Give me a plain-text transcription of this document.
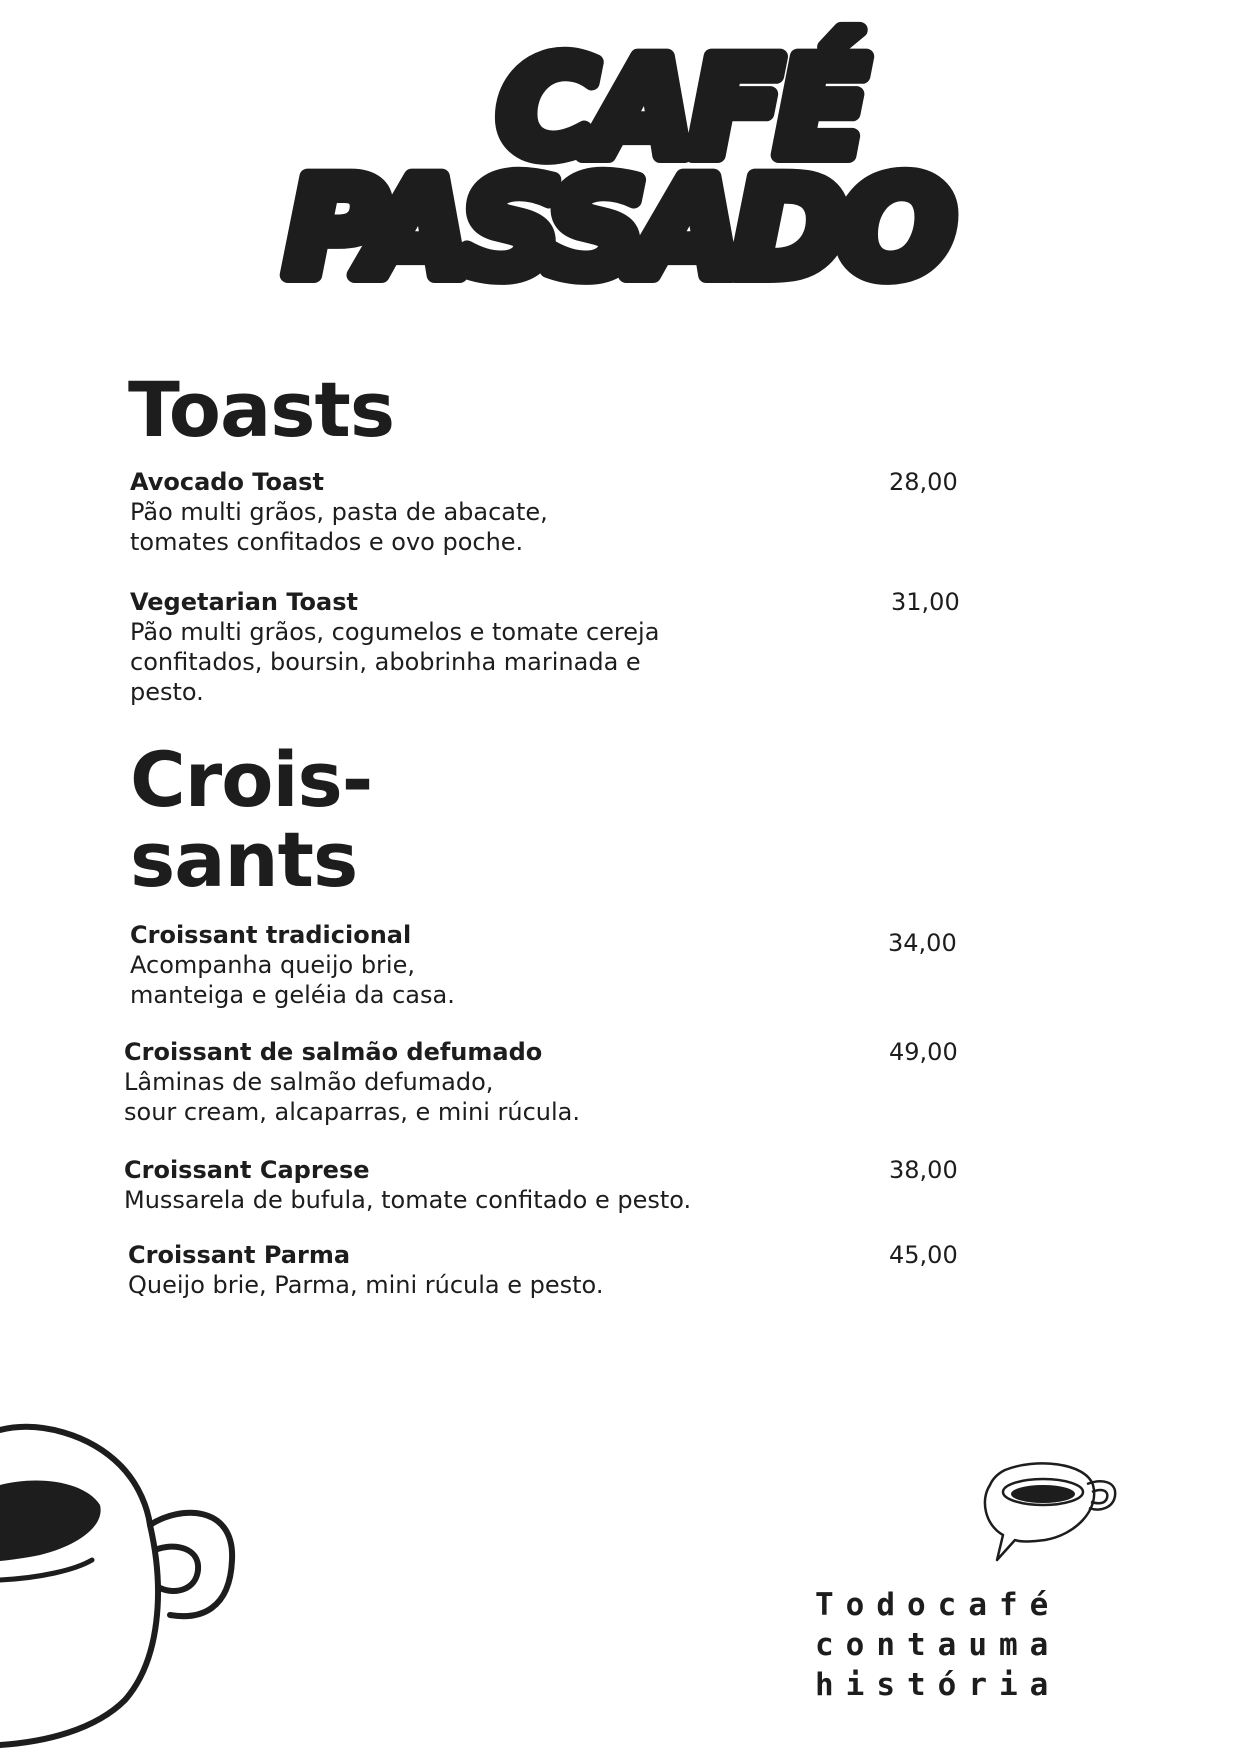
CAFÉ
PASSADO
Toasts
Avocado Toast
Pão multi grãos, pasta de abacate,
tomates confitados e ovo poche.
28,00
Vegetarian Toast
Pão multi grãos, cogumelos e tomate cereja
confitados, boursin, abobrinha marinada e
pesto.
31,00
Crois-
sants
Croissant tradicional
Acompanha queijo brie,
manteiga e geléia da casa.
34,00
Croissant de salmão defumado
Lâminas de salmão defumado,
sour cream, alcaparras, e mini rúcula.
49,00
Croissant Caprese
Mussarela de bufula, tomate confitado e pesto.
38,00
Croissant Parma
Queijo brie, Parma, mini rúcula e pesto.
45,00
Todocafé
contauma
história
